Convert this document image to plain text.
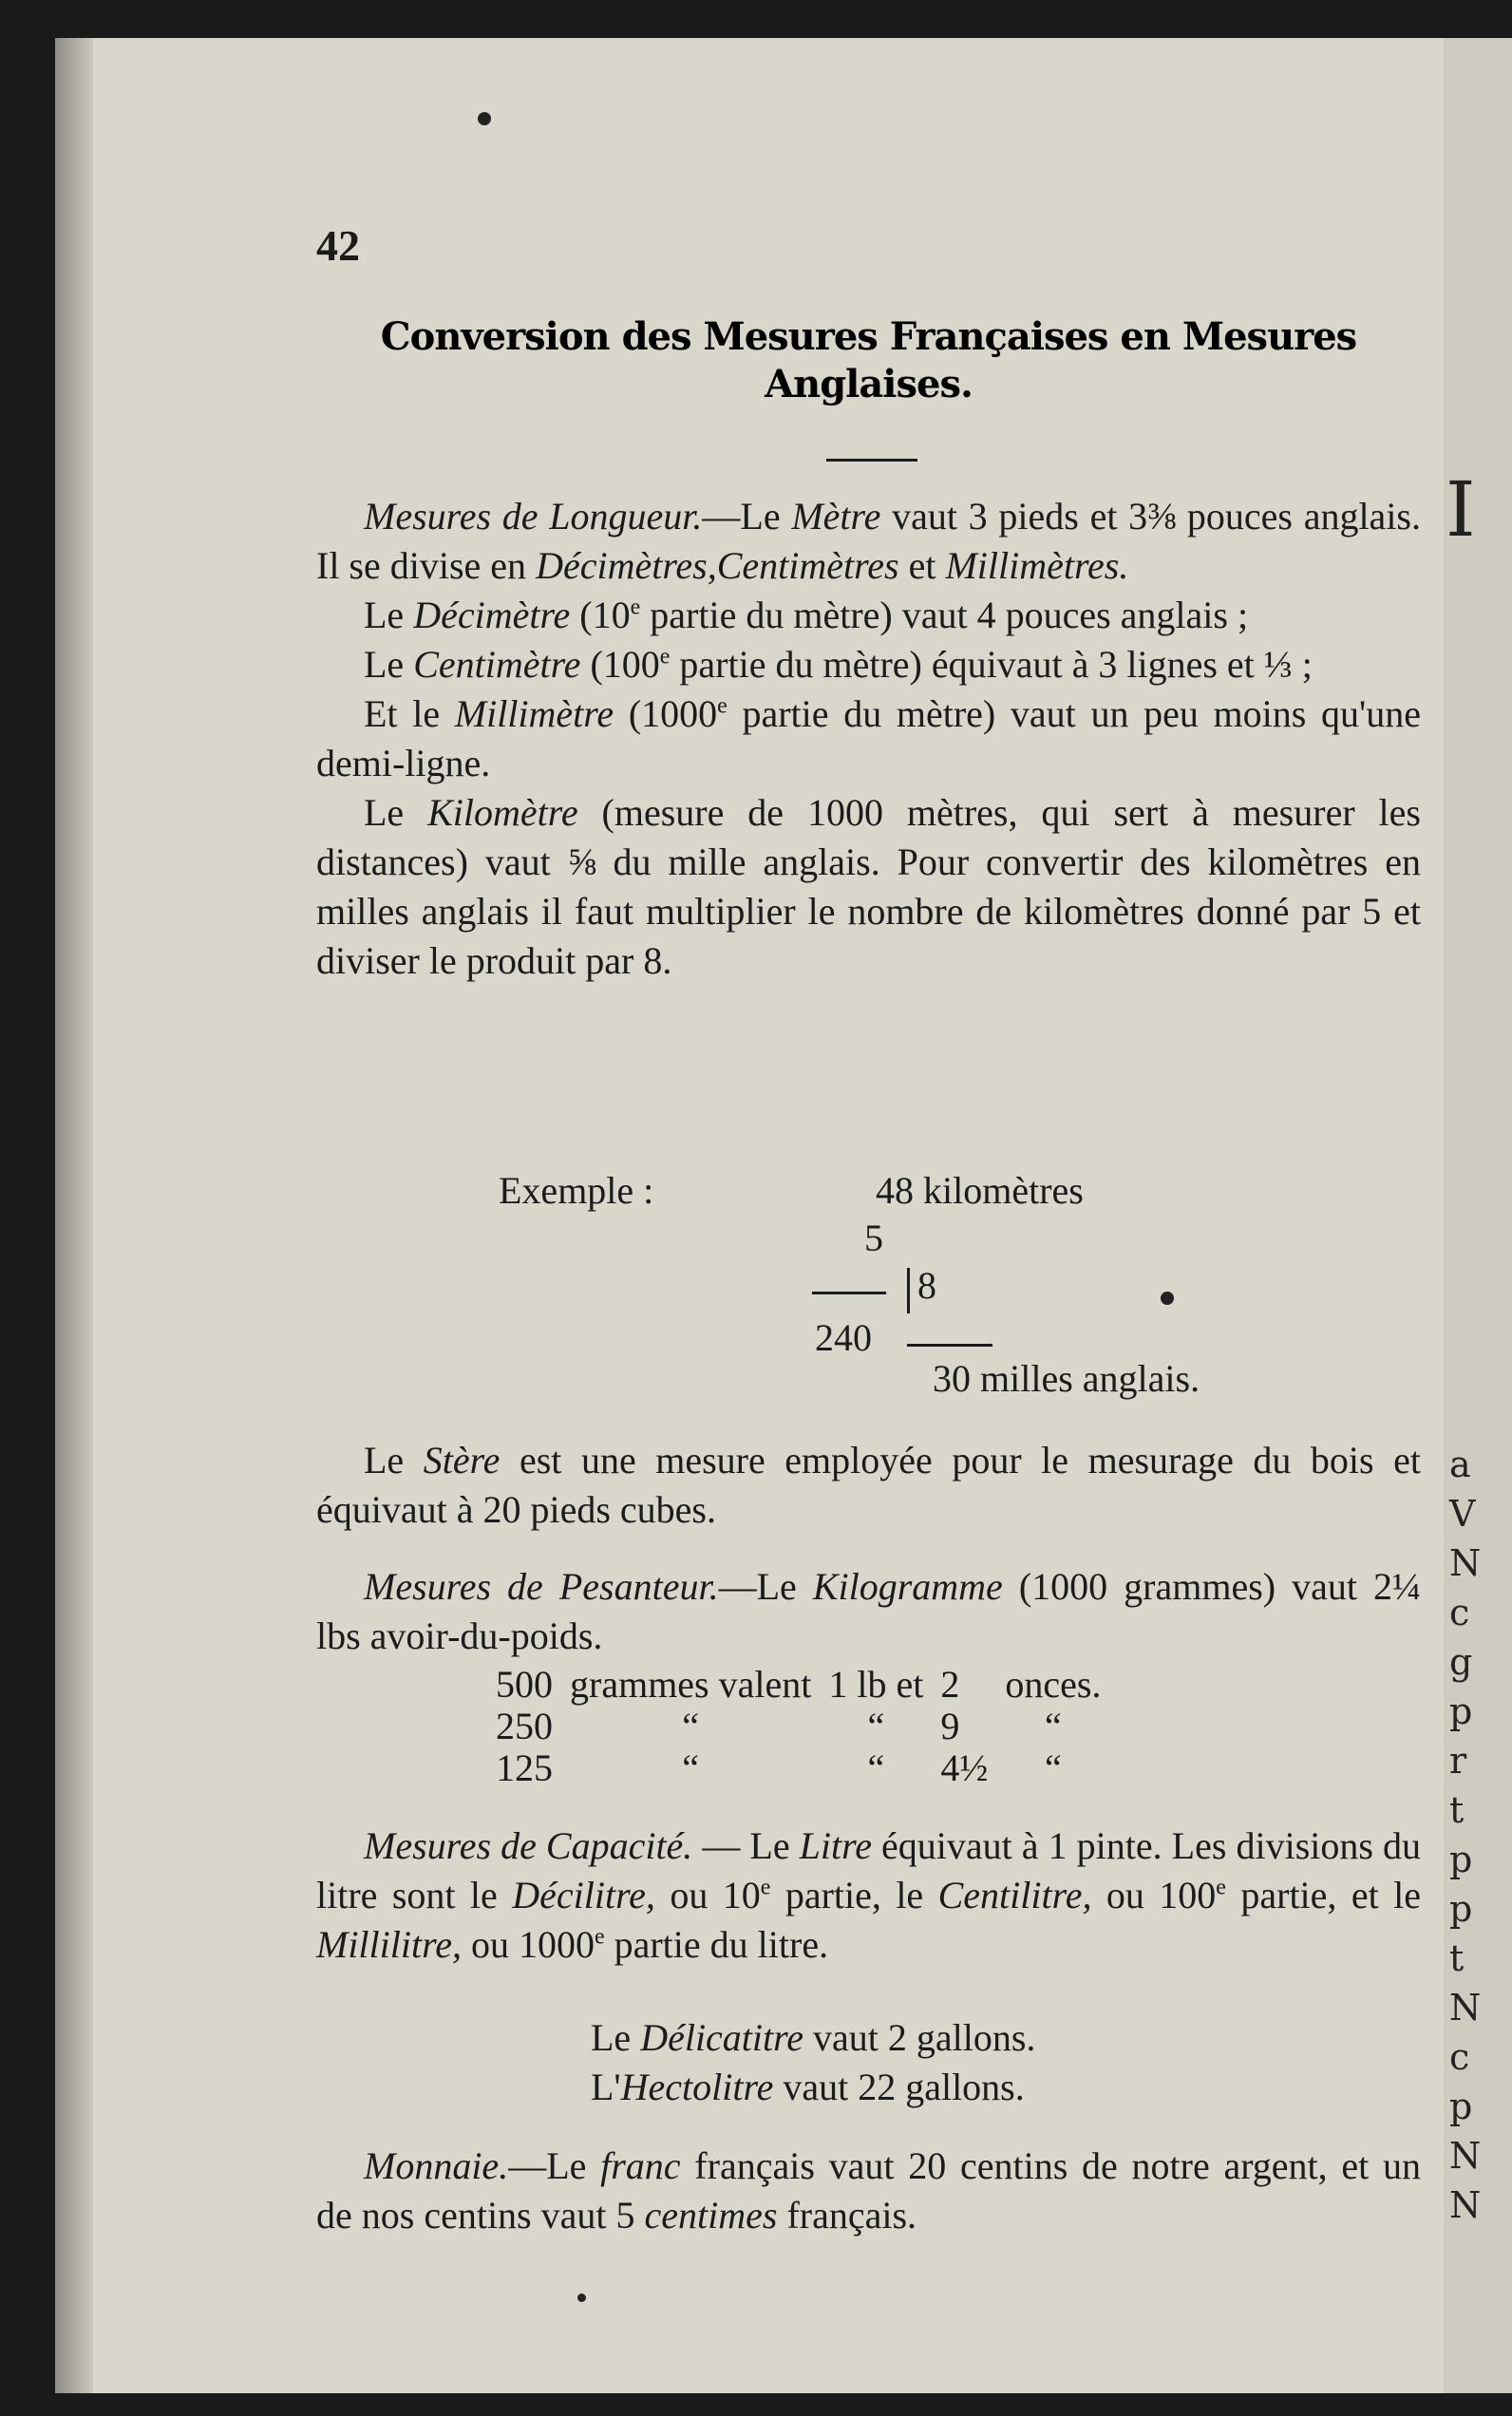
I
a
V
N
c
g
p
r
t
p
p
t
N
c
p
N
N
42
Conversion des Mesures Françaises en Mesures
Anglaises.

Mesures de Longueur.—Le Mètre vaut 3 pieds et 3⅜ pouces anglais. Il se divise en Décimètres,Centimètres et Millimètres.

Le Décimètre (10e partie du mètre) vaut 4 pouces anglais ;

Le Centimètre (100e partie du mètre) équivaut à 3 lignes et ⅓ ;

Et le Millimètre (1000e partie du mètre) vaut un peu moins qu'une demi-ligne.

Le Kilomètre (mesure de 1000 mètres, qui sert à mesurer les distances) vaut ⅝ du mille anglais. Pour convertir des kilomètres en milles anglais il faut multiplier le nombre de kilomètres donné par 5 et diviser le produit par 8.

Exemple :	48 kilomètres
5
8
240
30 milles anglais.

Le Stère est une mesure employée pour le mesurage du bois et équivaut à 20 pieds cubes.

Mesures de Pesanteur.—Le Kilogramme (1000 grammes) vaut 2¼ lbs avoir-du-poids.

500	grammes valent	1 lb et	2	onces.
250	“	“	9	“
125	“	“	4½	“

Mesures de Capacité. — Le Litre équivaut à 1 pinte. Les divisions du litre sont le Décilitre, ou 10e partie, le Centilitre, ou 100e partie, et le Millilitre, ou 1000e partie du litre.

Le Délicatitre vaut 2 gallons.
L'Hectolitre vaut 22 gallons.

Monnaie.—Le franc français vaut 20 centins de notre argent, et un de nos centins vaut 5 centimes français.
